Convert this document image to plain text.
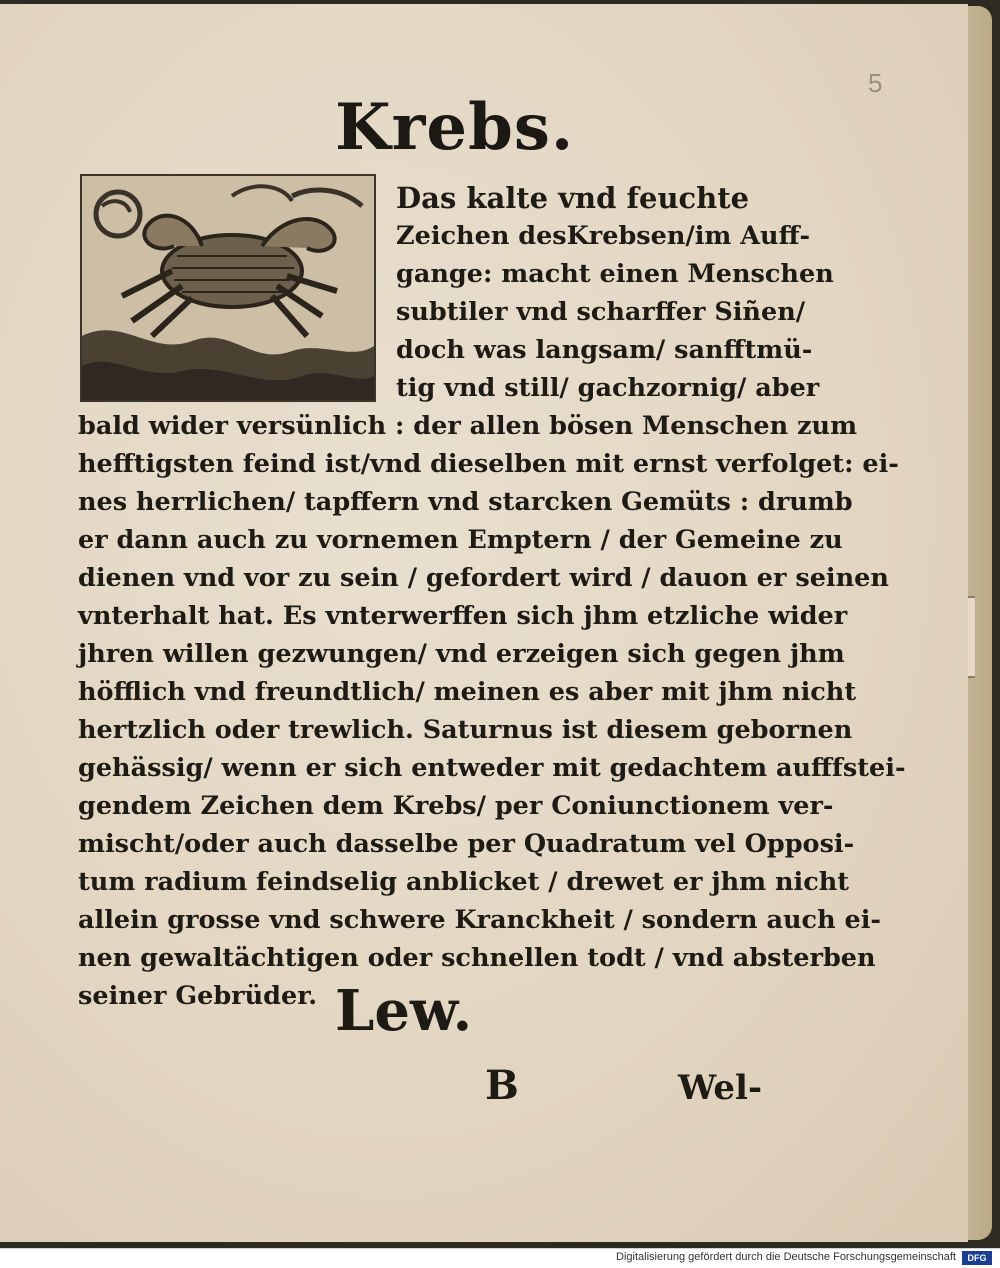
5
Krebs.
Das kalte vnd feuchte
Zeichen desKrebsen/im Auff-
gange: macht einen Menschen
subtiler vnd scharffer Siñen/
doch was langsam/ sanfftmü-
tig vnd still/ gachzornig/ aber
bald wider versünlich : der allen bösen Menschen zum
hefftigsten feind ist/vnd dieselben mit ernst verfolget: ei-
nes herrlichen/ tapffern vnd starcken Gemüts : drumb
er dann auch zu vornemen Emptern / der Gemeine zu
dienen vnd vor zu sein / gefordert wird / dauon er seinen
vnterhalt hat. Es vnterwerffen sich jhm etzliche wider
jhren willen gezwungen/ vnd erzeigen sich gegen jhm
höfflich vnd freundtlich/ meinen es aber mit jhm nicht
hertzlich oder trewlich. Saturnus ist diesem gebornen
gehässig/ wenn er sich entweder mit gedachtem aufffstei-
gendem Zeichen dem Krebs/ per Coniunctionem ver-
mischt/oder auch dasselbe per Quadratum vel Opposi-
tum radium feindselig anblicket / drewet er jhm nicht
allein grosse vnd schwere Kranckheit / sondern auch ei-
nen gewaltächtigen oder schnellen todt / vnd absterben
seiner Gebrüder. Lew.
B	Wel-
Digitalisierung gefördert durch die Deutsche Forschungsgemeinschaft	DFG
